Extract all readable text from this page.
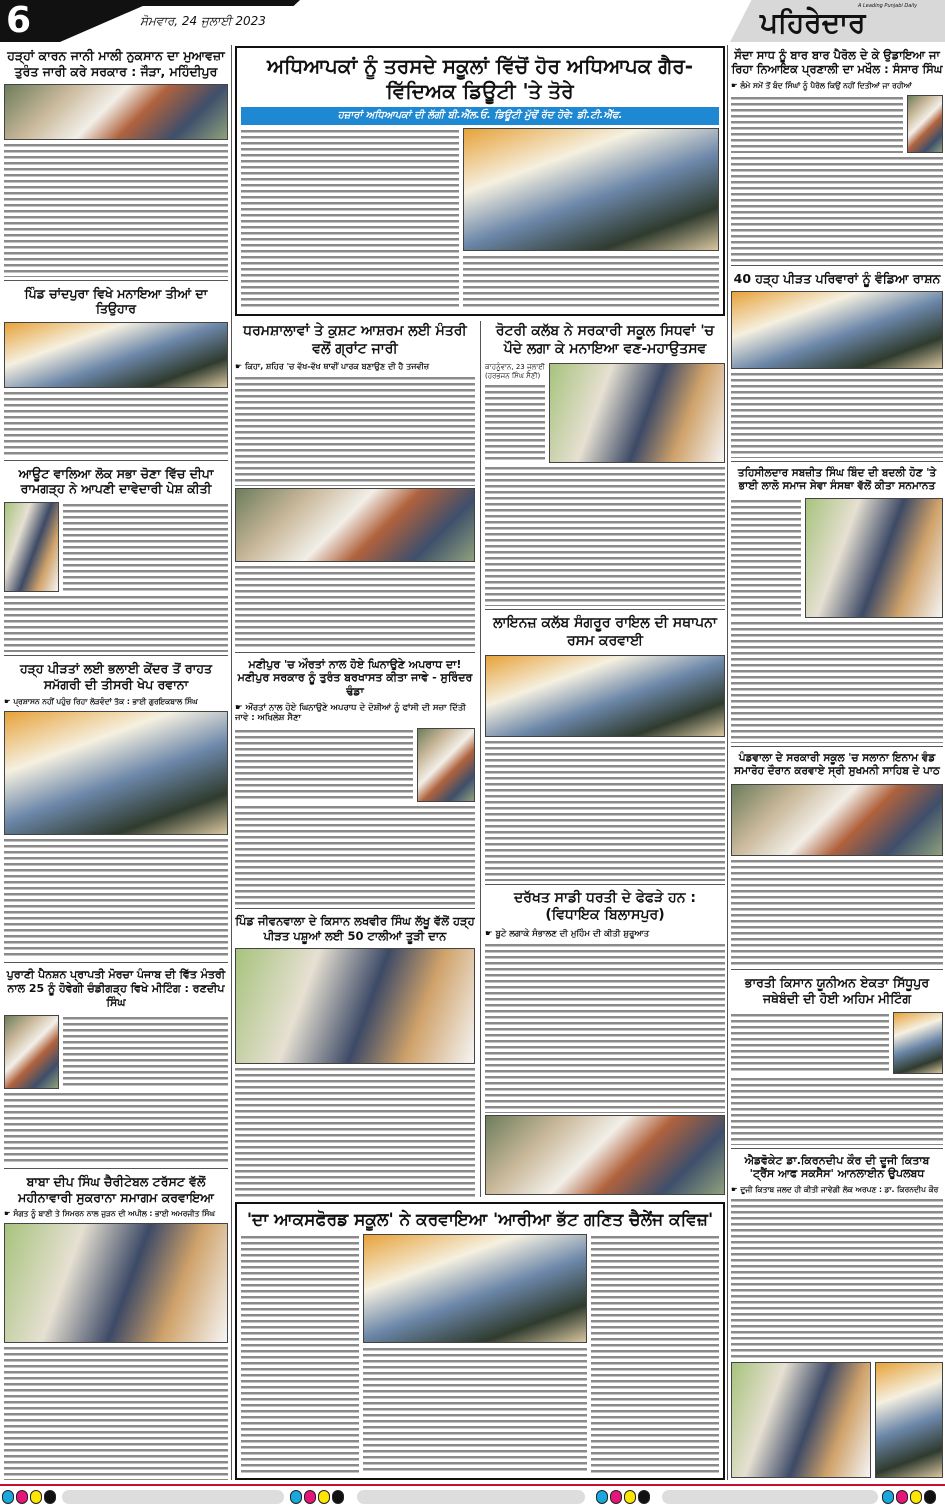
6	ਸੋਮਵਾਰ, 24 ਜੁਲਾਈ 2023
A Leading Punjabi Daily
ਪਹਿਰੇਦਾਰ
ਹੜ੍ਹਾਂ ਕਾਰਨ ਜਾਨੀ ਮਾਲੀ ਨੁਕਸਾਨ ਦਾ ਮੁਆਵਜ਼ਾ ਤੁਰੰਤ ਜਾਰੀ ਕਰੇ ਸਰਕਾਰ : ਜੌੜਾ, ਮਹਿੰਦੀਪੁਰ
ਪਿੰਡ ਚਾਂਦਪੁਰਾ ਵਿਖੇ ਮਨਾਇਆ ਤੀਆਂ ਦਾ ਤਿਉਹਾਰ
ਆਊਟ ਵਾਲਿਆ ਲੋਕ ਸਭਾ ਚੋਣਾ ਵਿੱਚ ਦੀਪਾ ਰਾਮਗੜ੍ਹ ਨੇ ਆਪਣੀ ਦਾਵੇਦਾਰੀ ਪੇਸ਼ ਕੀਤੀ
ਹੜ੍ਹ ਪੀੜਤਾਂ ਲਈ ਭਲਾਈ ਕੇਂਦਰ ਤੋਂ ਰਾਹਤ ਸਮੱਗਰੀ ਦੀ ਤੀਸਰੀ ਖੇਪ ਰਵਾਨਾ
☛ ਪ੍ਰਸ਼ਾਸਨ ਨਹੀਂ ਪਹੁੰਚ ਰਿਹਾ ਲੋੜਵੰਦਾਂ ਤੱਕ : ਭਾਈ ਗੁਰਇਕਬਾਲ ਸਿੰਘ
ਪੁਰਾਣੀ ਪੈਨਸ਼ਨ ਪ੍ਰਾਪਤੀ ਮੋਰਚਾ ਪੰਜਾਬ ਦੀ ਵਿੱਤ ਮੰਤਰੀ ਨਾਲ 25 ਨੂੰ ਹੋਵੇਗੀ ਚੰਡੀਗੜ੍ਹ ਵਿਖੇ ਮੀਟਿੰਗ : ਰਣਦੀਪ ਸਿੰਘ
ਬਾਬਾ ਦੀਪ ਸਿੰਘ ਚੈਰੀਟੇਬਲ ਟਰੱਸਟ ਵੱਲੋਂ ਮਹੀਨਾਵਾਰੀ ਸੁਕਰਾਨਾ ਸਮਾਗਮ ਕਰਵਾਇਆ
☛ ਸੰਗਤ ਨੂੰ ਬਾਣੀ ਤੇ ਸਿਮਰਨ ਨਾਲ ਜੁੜਨ ਦੀ ਅਪੀਲ : ਭਾਈ ਅਮਰਜੀਤ ਸਿੰਘ
ਅਧਿਆਪਕਾਂ ਨੂੰ ਤਰਸਦੇ ਸਕੂਲਾਂ ਵਿੱਚੋਂ ਹੋਰ ਅਧਿਆਪਕ ਗੈਰ-ਵਿੱਦਿਅਕ ਡਿਊਟੀ 'ਤੇ ਤੋਰੇ
ਹਜ਼ਾਰਾਂ ਅਧਿਆਪਕਾਂ ਦੀ ਲੱਗੀ ਬੀ.ਐੱਲ.ਓ. ਡਿਊਟੀ ਮੁੱਢੋਂ ਰੱਦ ਹੋਵੇ: ਡੀ.ਟੀ.ਐੱਫ.
ਧਰਮਸ਼ਾਲਾਵਾਂ ਤੇ ਕੁਸ਼ਟ ਆਸ਼ਰਮ ਲਈ ਮੰਤਰੀ ਵਲੋਂ ਗ੍ਰਾਂਟ ਜਾਰੀ
☛ ਕਿਹਾ, ਸ਼ਹਿਰ 'ਚ ਵੱਖ-ਵੱਖ ਥਾਵੀਂ ਪਾਰਕ ਬਣਾਉਣ ਦੀ ਹੈ ਤਜਵੀਜ਼
ਮਣੀਪੁਰ 'ਚ ਔਰਤਾਂ ਨਾਲ ਹੋਏ ਘਿਨਾਉਣੇ ਅਪਰਾਧ ਦਾ! ਮਣੀਪੁਰ ਸਰਕਾਰ ਨੂੰ ਤੁਰੰਤ ਬਰਖਾਸਤ ਕੀਤਾ ਜਾਵੇ - ਸੁਰਿੰਦਰ ਢੰਡਾ
☛ ਔਰਤਾਂ ਨਾਲ ਹੋਏ ਘਿਨਾਉਣੇ ਅਪਰਾਧ ਦੇ ਦੋਸ਼ੀਆਂ ਨੂੰ ਫਾਂਸੀ ਦੀ ਸਜ਼ਾ ਦਿੱਤੀ ਜਾਵੇ : ਅਖਿਲੇਸ਼ ਸੈਣਾ
ਪਿੰਡ ਜੀਵਨਵਾਲਾ ਦੇ ਕਿਸਾਨ ਲਖਵੀਰ ਸਿੰਘ ਲੱਖੂ ਵੱਲੋਂ ਹੜ੍ਹ ਪੀੜਤ ਪਸ਼ੂਆਂ ਲਈ 50 ਟਾਲੀਆਂ ਤੂੜੀ ਦਾਨ
ਰੋਟਰੀ ਕਲੱਬ ਨੇ ਸਰਕਾਰੀ ਸਕੂਲ ਸਿਧਵਾਂ 'ਚ ਪੌਦੇ ਲਗਾ ਕੇ ਮਨਾਇਆ ਵਣ-ਮਹਾਉਤਸਵ
ਕਾਹਨੂੰਵਾਨ, 23 ਜੁਲਾਈ (ਹਰਭਜਨ ਸਿੰਘ ਸੈਣੀ)
ਲਾਇਨਜ਼ ਕਲੱਬ ਸੰਗਰੂਰ ਰਾਇਲ ਦੀ ਸਥਾਪਨਾ ਰਸਮ ਕਰਵਾਈ
ਦਰੱਖਤ ਸਾਡੀ ਧਰਤੀ ਦੇ ਫੇਫੜੇ ਹਨ : (ਵਿਧਾਇਕ ਬਿਲਾਸਪੁਰ)
☛ ਬੂਟੇ ਲਗਾਕੇ ਸੰਭਾਲਣ ਦੀ ਮੁਹਿੰਮ ਦੀ ਕੀਤੀ ਸ਼ੁਰੂਆਤ
'ਦਾ ਆਕਸਫੋਰਡ ਸਕੂਲ' ਨੇ ਕਰਵਾਇਆ 'ਆਰੀਆ ਭੱਟ ਗਣਿਤ ਚੈਲੇਂਜ ਕਵਿਜ਼'
ਸੌਦਾ ਸਾਧ ਨੂੰ ਬਾਰ ਬਾਰ ਪੈਰੋਲ ਦੇ ਕੇ ਉਡਾਇਆ ਜਾ ਰਿਹਾ ਨਿਆਇਕ ਪ੍ਰਣਾਲੀ ਦਾ ਮਖੌਲ : ਸੰਸਾਰ ਸਿੰਘ
☛ ਲੰਮੇ ਸਮੇਂ ਤੋਂ ਬੰਦ ਸਿੰਘਾਂ ਨੂੰ ਪੈਰੋਲ ਕਿਉਂ ਨਹੀਂ ਦਿਤੀਆਂ ਜਾ ਰਹੀਆਂ
40 ਹੜ੍ਹ ਪੀੜਤ ਪਰਿਵਾਰਾਂ ਨੂੰ ਵੰਡਿਆ ਰਾਸ਼ਨ
ਤਹਿਸੀਲਦਾਰ ਸਬਜ਼ੀਤ ਸਿੰਘ ਬਿੰਦ ਦੀ ਬਦਲੀ ਹੋਣ 'ਤੇ ਭਾਈ ਲਾਲੋ ਸਮਾਜ ਸੇਵਾ ਸੰਸਥਾ ਵੱਲੋਂ ਕੀਤਾ ਸਨਮਾਨਤ
ਪੰਡਵਾਲਾ ਦੇ ਸਰਕਾਰੀ ਸਕੂਲ 'ਚ ਸਲਾਨਾ ਇਨਾਮ ਵੰਡ ਸਮਾਰੋਹ ਦੌਰਾਨ ਕਰਵਾਏ ਸ੍ਰੀ ਸੁਖਮਨੀ ਸਾਹਿਬ ਦੇ ਪਾਠ
ਭਾਰਤੀ ਕਿਸਾਨ ਯੂਨੀਅਨ ਏਕਤਾ ਸਿੱਧੂਪੁਰ ਜਥੇਬੰਦੀ ਦੀ ਹੋਈ ਅਹਿਮ ਮੀਟਿੰਗ
ਐਡਵੋਕੇਟ ਡਾ.ਕਿਰਨਦੀਪ ਕੌਰ ਦੀ ਦੂਜੀ ਕਿਤਾਬ 'ਟ੍ਰੈਂਸ ਆਫ ਸਕਸੈਸ' ਆਨਲਾਈਨ ਉਪਲਬਧ
☛ ਦੂਜੀ ਕਿਤਾਬ ਜਲਦ ਹੀ ਕੀਤੀ ਜਾਵੇਗੀ ਲੋਕ ਅਰਪਣ : ਡਾ. ਕਿਰਨਦੀਪ ਕੌਰ
